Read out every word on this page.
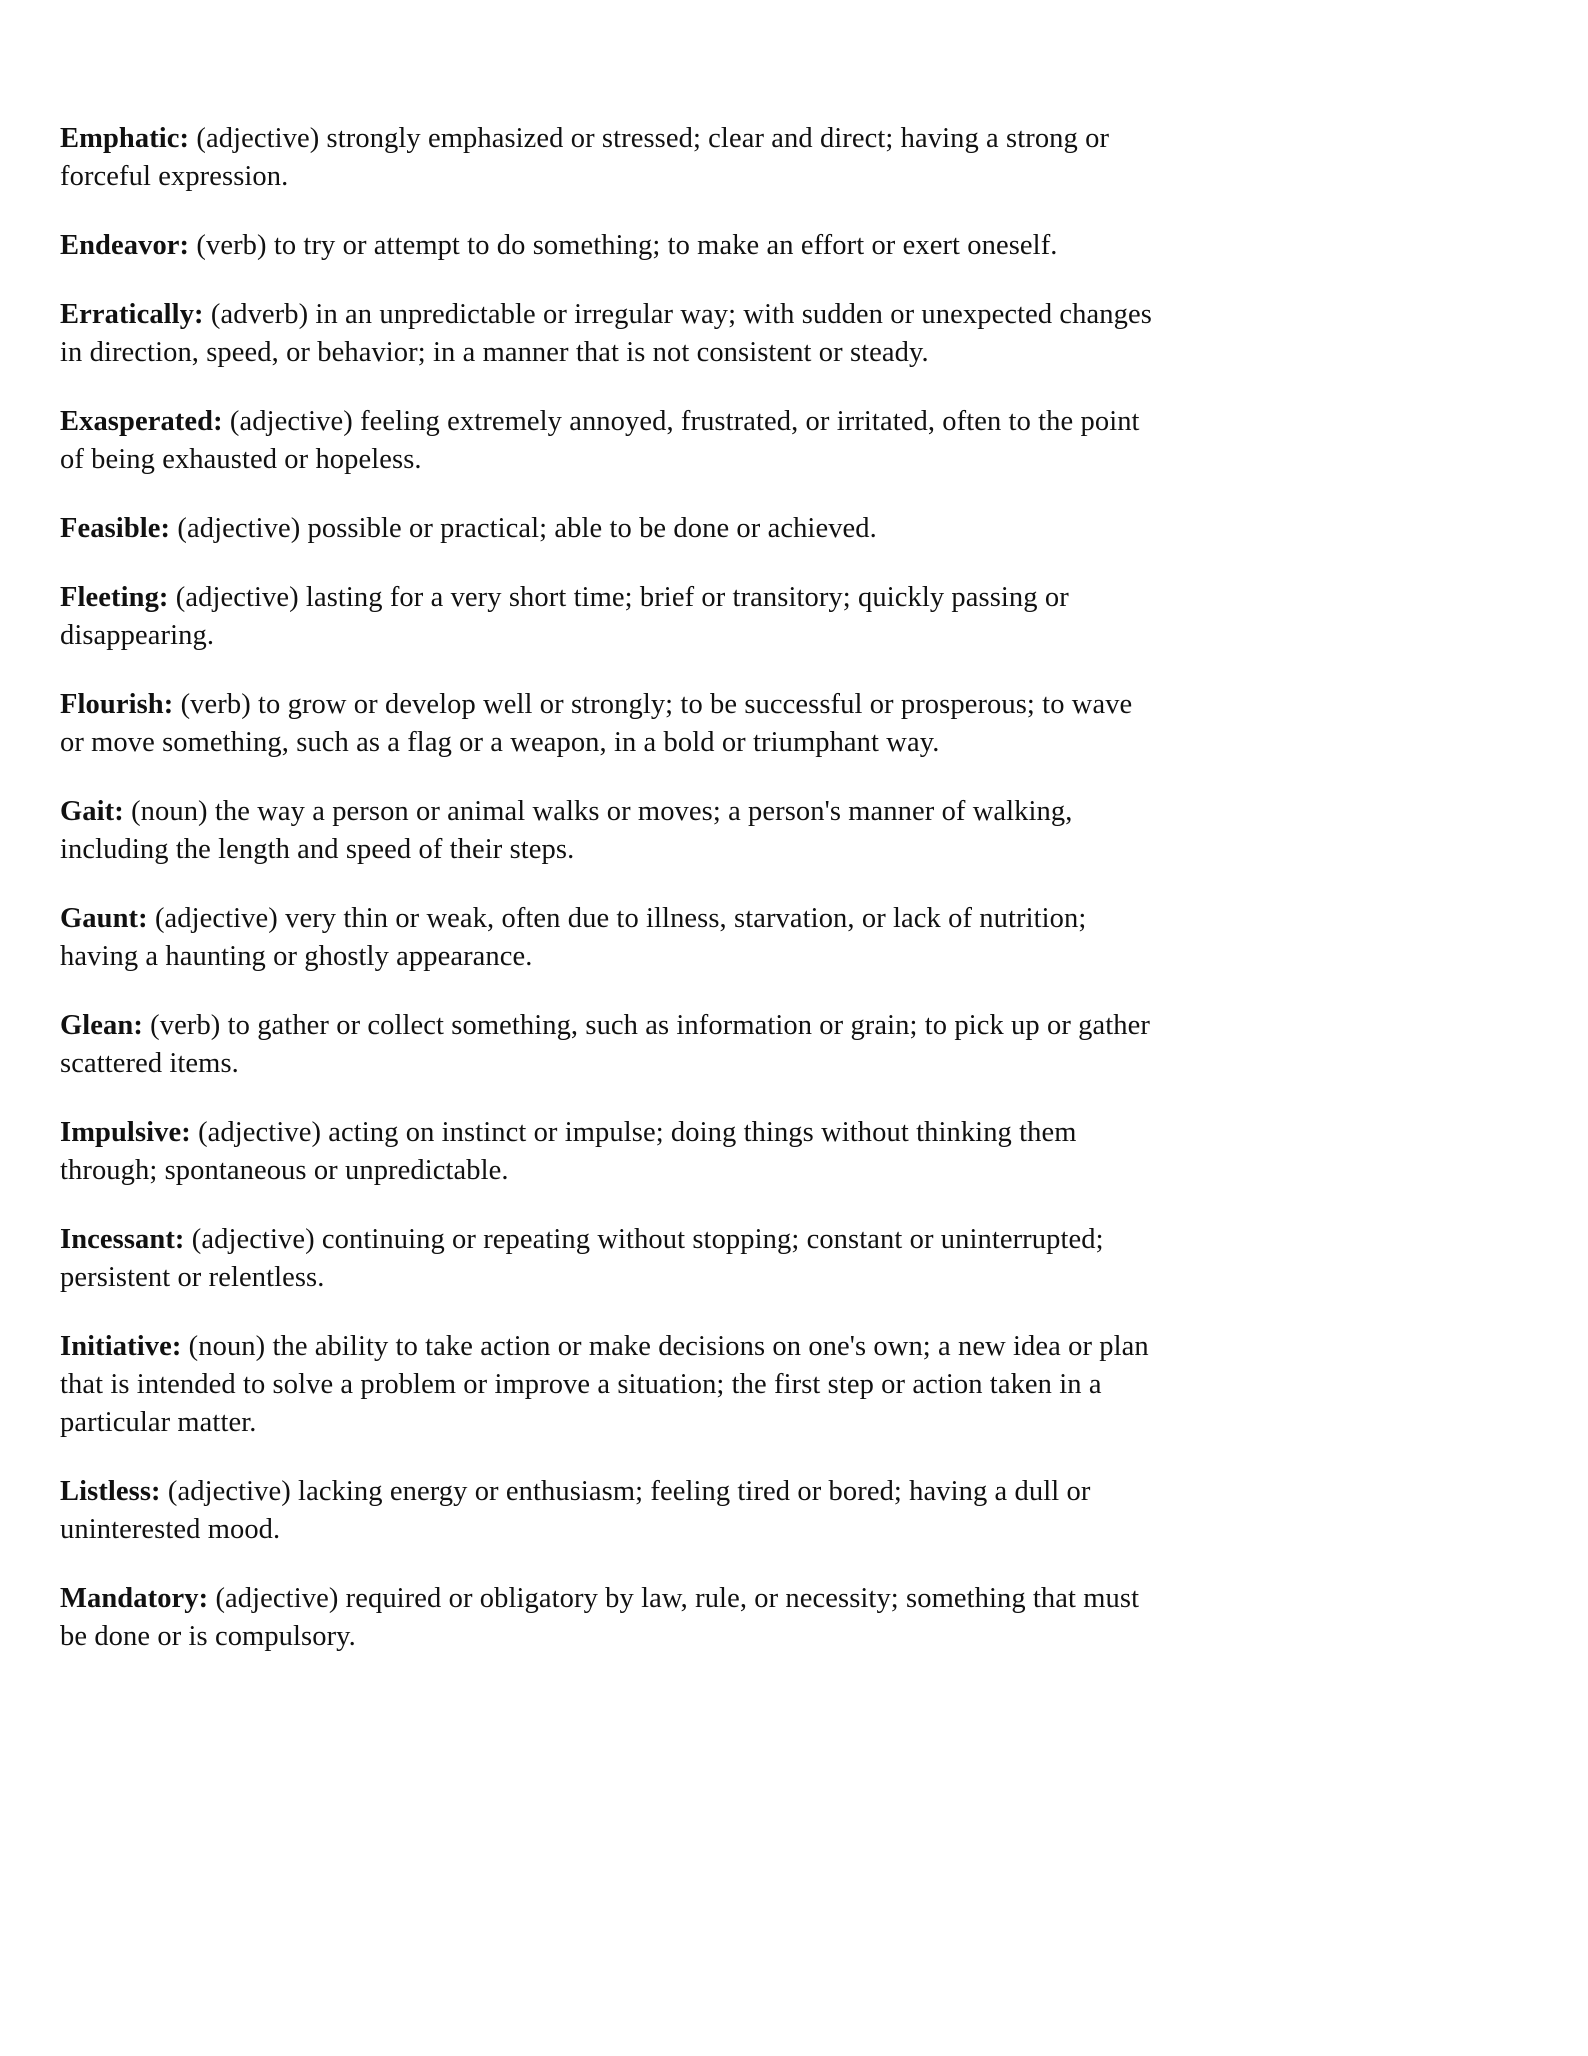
Emphatic: (adjective) strongly emphasized or stressed; clear and direct; having a strong or forceful expression.

Endeavor: (verb) to try or attempt to do something; to make an effort or exert oneself.

Erratically: (adverb) in an unpredictable or irregular way; with sudden or unexpected changes in direction, speed, or behavior; in a manner that is not consistent or steady.

Exasperated: (adjective) feeling extremely annoyed, frustrated, or irritated, often to the point of being exhausted or hopeless.

Feasible: (adjective) possible or practical; able to be done or achieved.

Fleeting: (adjective) lasting for a very short time; brief or transitory; quickly passing or disappearing.

Flourish: (verb) to grow or develop well or strongly; to be successful or prosperous; to wave or move something, such as a flag or a weapon, in a bold or triumphant way.

Gait: (noun) the way a person or animal walks or moves; a person's manner of walking, including the length and speed of their steps.

Gaunt: (adjective) very thin or weak, often due to illness, starvation, or lack of nutrition; having a haunting or ghostly appearance.

Glean: (verb) to gather or collect something, such as information or grain; to pick up or gather scattered items.

Impulsive: (adjective) acting on instinct or impulse; doing things without thinking them through; spontaneous or unpredictable.

Incessant: (adjective) continuing or repeating without stopping; constant or uninterrupted; persistent or relentless.

Initiative: (noun) the ability to take action or make decisions on one's own; a new idea or plan that is intended to solve a problem or improve a situation; the first step or action taken in a particular matter.

Listless: (adjective) lacking energy or enthusiasm; feeling tired or bored; having a dull or uninterested mood.

Mandatory: (adjective) required or obligatory by law, rule, or necessity; something that must be done or is compulsory.
